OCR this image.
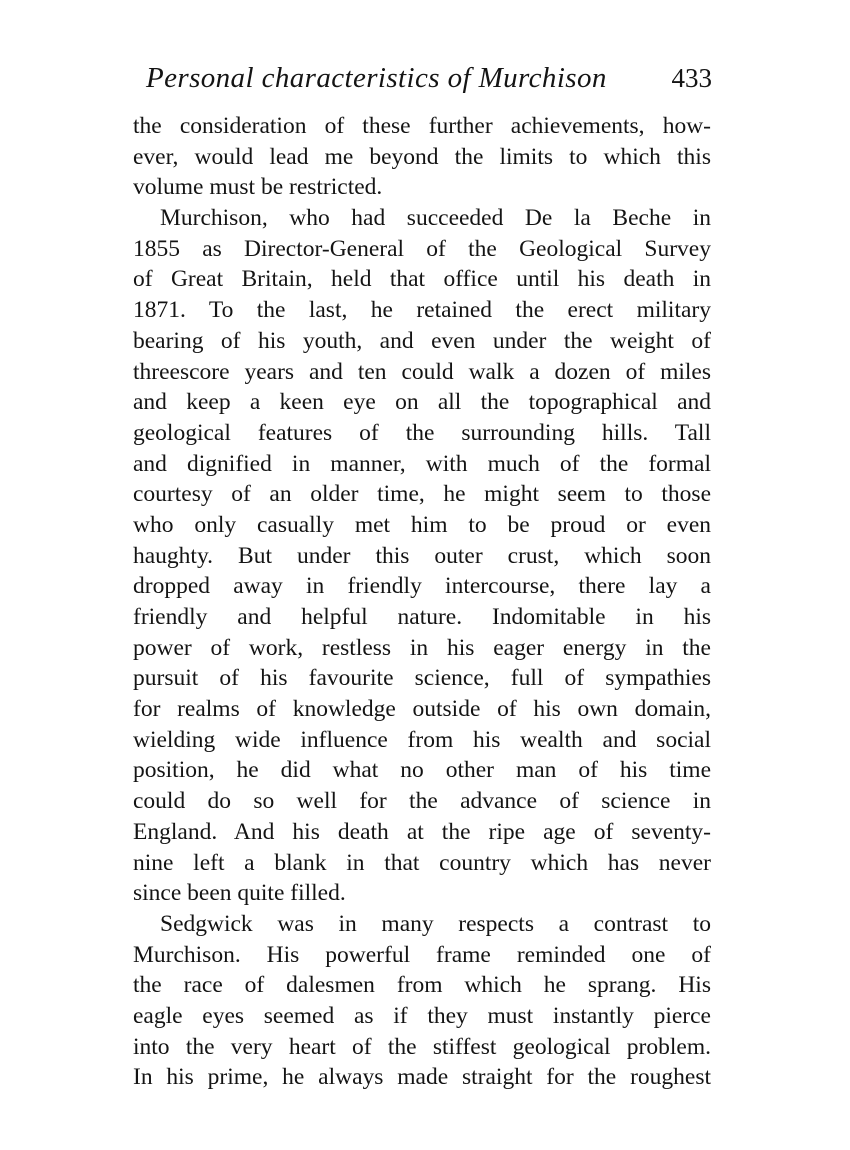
Personal characteristics of Murchison 433
the consideration of these further achievements, how-
ever, would lead me beyond the limits to which this
volume must be restricted.
Murchison, who had succeeded De la Beche in
1855 as Director-General of the Geological Survey
of Great Britain, held that office until his death in
1871. To the last, he retained the erect military
bearing of his youth, and even under the weight of
threescore years and ten could walk a dozen of miles
and keep a keen eye on all the topographical and
geological features of the surrounding hills. Tall
and dignified in manner, with much of the formal
courtesy of an older time, he might seem to those
who only casually met him to be proud or even
haughty. But under this outer crust, which soon
dropped away in friendly intercourse, there lay a
friendly and helpful nature. Indomitable in his
power of work, restless in his eager energy in the
pursuit of his favourite science, full of sympathies
for realms of knowledge outside of his own domain,
wielding wide influence from his wealth and social
position, he did what no other man of his time
could do so well for the advance of science in
England. And his death at the ripe age of seventy-
nine left a blank in that country which has never
since been quite filled.
Sedgwick was in many respects a contrast to
Murchison. His powerful frame reminded one of
the race of dalesmen from which he sprang. His
eagle eyes seemed as if they must instantly pierce
into the very heart of the stiffest geological problem.
In his prime, he always made straight for the roughest
